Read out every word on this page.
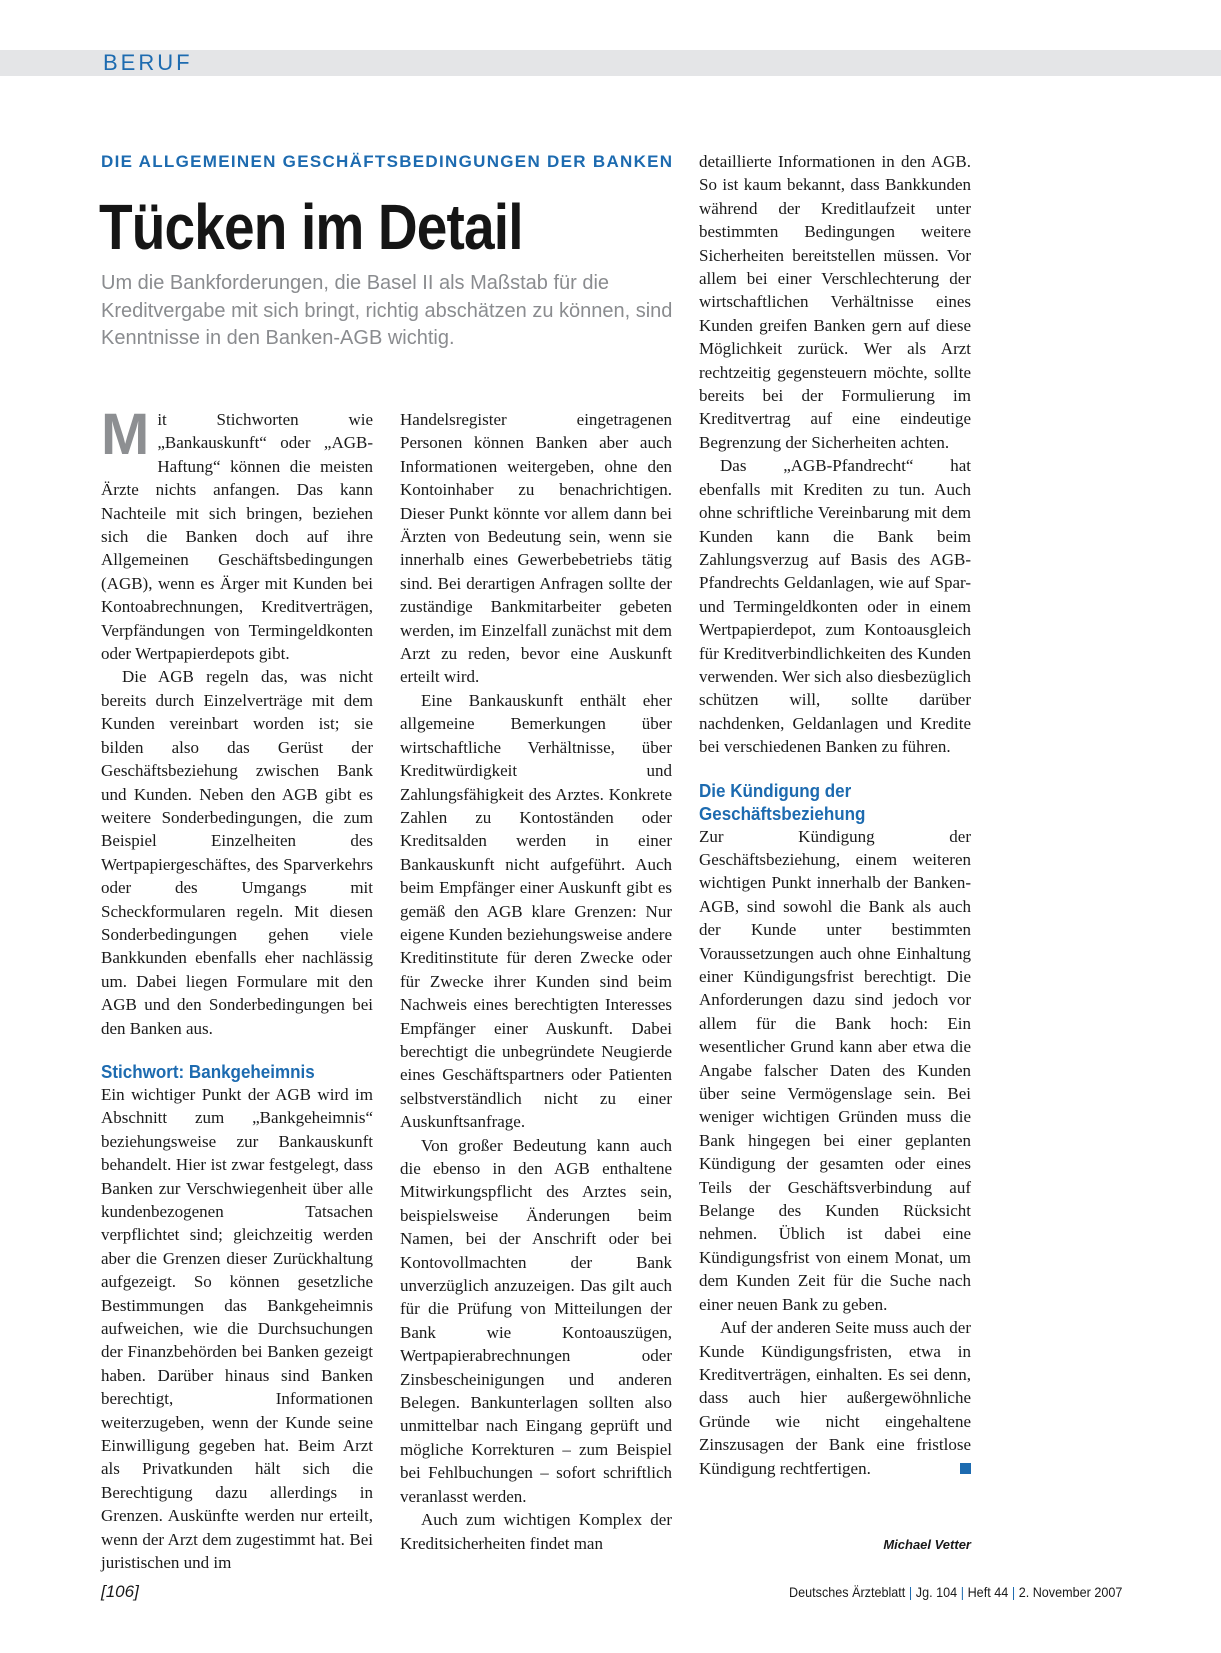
BERUF
DIE ALLGEMEINEN GESCHÄFTSBEDINGUNGEN DER BANKEN
Tücken im Detail
Um die Bankforderungen, die Basel II als Maßstab für die Kreditvergabe mit sich bringt, richtig abschätzen zu können, sind Kenntnisse in den Banken-AGB wichtig.

Mit Stichworten wie „Bankauskunft“ oder „AGB-Haftung“ können die meisten Ärzte nichts anfangen. Das kann Nachteile mit sich bringen, beziehen sich die Banken doch auf ihre Allgemeinen Geschäftsbedingungen (AGB), wenn es Ärger mit Kunden bei Kontoabrechnungen, Kreditverträgen, Verpfändungen von Termingeldkonten oder Wertpapierdepots gibt.

Die AGB regeln das, was nicht bereits durch Einzelverträge mit dem Kunden vereinbart worden ist; sie bilden also das Gerüst der Geschäftsbeziehung zwischen Bank und Kunden. Neben den AGB gibt es weitere Sonderbedingungen, die zum Beispiel Einzelheiten des Wertpapiergeschäftes, des Sparverkehrs oder des Umgangs mit Scheckformularen regeln. Mit diesen Sonderbedingungen gehen viele Bankkunden ebenfalls eher nachlässig um. Dabei liegen Formulare mit den AGB und den Sonderbedingungen bei den Banken aus.

Stichwort: Bankgeheimnis

Ein wichtiger Punkt der AGB wird im Abschnitt zum „Bankgeheimnis“ beziehungsweise zur Bankauskunft behandelt. Hier ist zwar festgelegt, dass Banken zur Verschwiegenheit über alle kundenbezogenen Tatsachen verpflichtet sind; gleichzeitig werden aber die Grenzen dieser Zurückhaltung aufgezeigt. So können gesetzliche Bestimmungen das Bankgeheimnis aufweichen, wie die Durchsuchungen der Finanzbehörden bei Banken gezeigt haben. Darüber hinaus sind Banken berechtigt, Informationen weiterzugeben, wenn der Kunde seine Einwilligung gegeben hat. Beim Arzt als Privatkunden hält sich die Berechtigung dazu allerdings in Grenzen. Auskünfte werden nur erteilt, wenn der Arzt dem zugestimmt hat. Bei juristischen und im

Handelsregister eingetragenen Personen können Banken aber auch Informationen weitergeben, ohne den Kontoinhaber zu benachrichtigen. Dieser Punkt könnte vor allem dann bei Ärzten von Bedeutung sein, wenn sie innerhalb eines Gewerbebetriebs tätig sind. Bei derartigen Anfragen sollte der zuständige Bankmitarbeiter gebeten werden, im Einzelfall zunächst mit dem Arzt zu reden, bevor eine Auskunft erteilt wird.

Eine Bankauskunft enthält eher allgemeine Bemerkungen über wirtschaftliche Verhältnisse, über Kreditwürdigkeit und Zahlungsfähigkeit des Arztes. Konkrete Zahlen zu Kontoständen oder Kreditsalden werden in einer Bankauskunft nicht aufgeführt. Auch beim Empfänger einer Auskunft gibt es gemäß den AGB klare Grenzen: Nur eigene Kunden beziehungsweise andere Kreditinstitute für deren Zwecke oder für Zwecke ihrer Kunden sind beim Nachweis eines berechtigten Interesses Empfänger einer Auskunft. Dabei berechtigt die unbegründete Neugierde eines Geschäftspartners oder Patienten selbstverständlich nicht zu einer Auskunftsanfrage.

Von großer Bedeutung kann auch die ebenso in den AGB enthaltene Mitwirkungspflicht des Arztes sein, beispielsweise Änderungen beim Namen, bei der Anschrift oder bei Kontovollmachten der Bank unverzüglich anzuzeigen. Das gilt auch für die Prüfung von Mitteilungen der Bank wie Kontoauszügen, Wertpapierabrechnungen oder Zinsbescheinigungen und anderen Belegen. Bankunterlagen sollten also unmittelbar nach Eingang geprüft und mögliche Korrekturen – zum Beispiel bei Fehlbuchungen – sofort schriftlich veranlasst werden.

Auch zum wichtigen Komplex der Kreditsicherheiten findet man

detaillierte Informationen in den AGB. So ist kaum bekannt, dass Bankkunden während der Kreditlaufzeit unter bestimmten Bedingungen weitere Sicherheiten bereitstellen müssen. Vor allem bei einer Verschlechterung der wirtschaftlichen Verhältnisse eines Kunden greifen Banken gern auf diese Möglichkeit zurück. Wer als Arzt rechtzeitig gegensteuern möchte, sollte bereits bei der Formulierung im Kreditvertrag auf eine eindeutige Begrenzung der Sicherheiten achten.

Das „AGB-Pfandrecht“ hat ebenfalls mit Krediten zu tun. Auch ohne schriftliche Vereinbarung mit dem Kunden kann die Bank beim Zahlungsverzug auf Basis des AGB-Pfandrechts Geldanlagen, wie auf Spar- und Termingeldkonten oder in einem Wertpapierdepot, zum Kontoausgleich für Kreditverbindlichkeiten des Kunden verwenden. Wer sich also diesbezüglich schützen will, sollte darüber nachdenken, Geldanlagen und Kredite bei verschiedenen Banken zu führen.

Die Kündigung der Geschäftsbeziehung

Zur Kündigung der Geschäftsbeziehung, einem weiteren wichtigen Punkt innerhalb der Banken-AGB, sind sowohl die Bank als auch der Kunde unter bestimmten Voraussetzungen auch ohne Einhaltung einer Kündigungsfrist berechtigt. Die Anforderungen dazu sind jedoch vor allem für die Bank hoch: Ein wesentlicher Grund kann aber etwa die Angabe falscher Daten des Kunden über seine Vermögenslage sein. Bei weniger wichtigen Gründen muss die Bank hingegen bei einer geplanten Kündigung der gesamten oder eines Teils der Geschäftsverbindung auf Belange des Kunden Rücksicht nehmen. Üblich ist dabei eine Kündigungsfrist von einem Monat, um dem Kunden Zeit für die Suche nach einer neuen Bank zu geben.

Auf der anderen Seite muss auch der Kunde Kündigungsfristen, etwa in Kreditverträgen, einhalten. Es sei denn, dass auch hier außergewöhnliche Gründe wie nicht eingehaltene Zinszusagen der Bank eine fristlose Kündigung rechtfertigen.

Michael Vetter
[106]	Deutsches Ärzteblatt | Jg. 104 | Heft 44 | 2. November 2007
